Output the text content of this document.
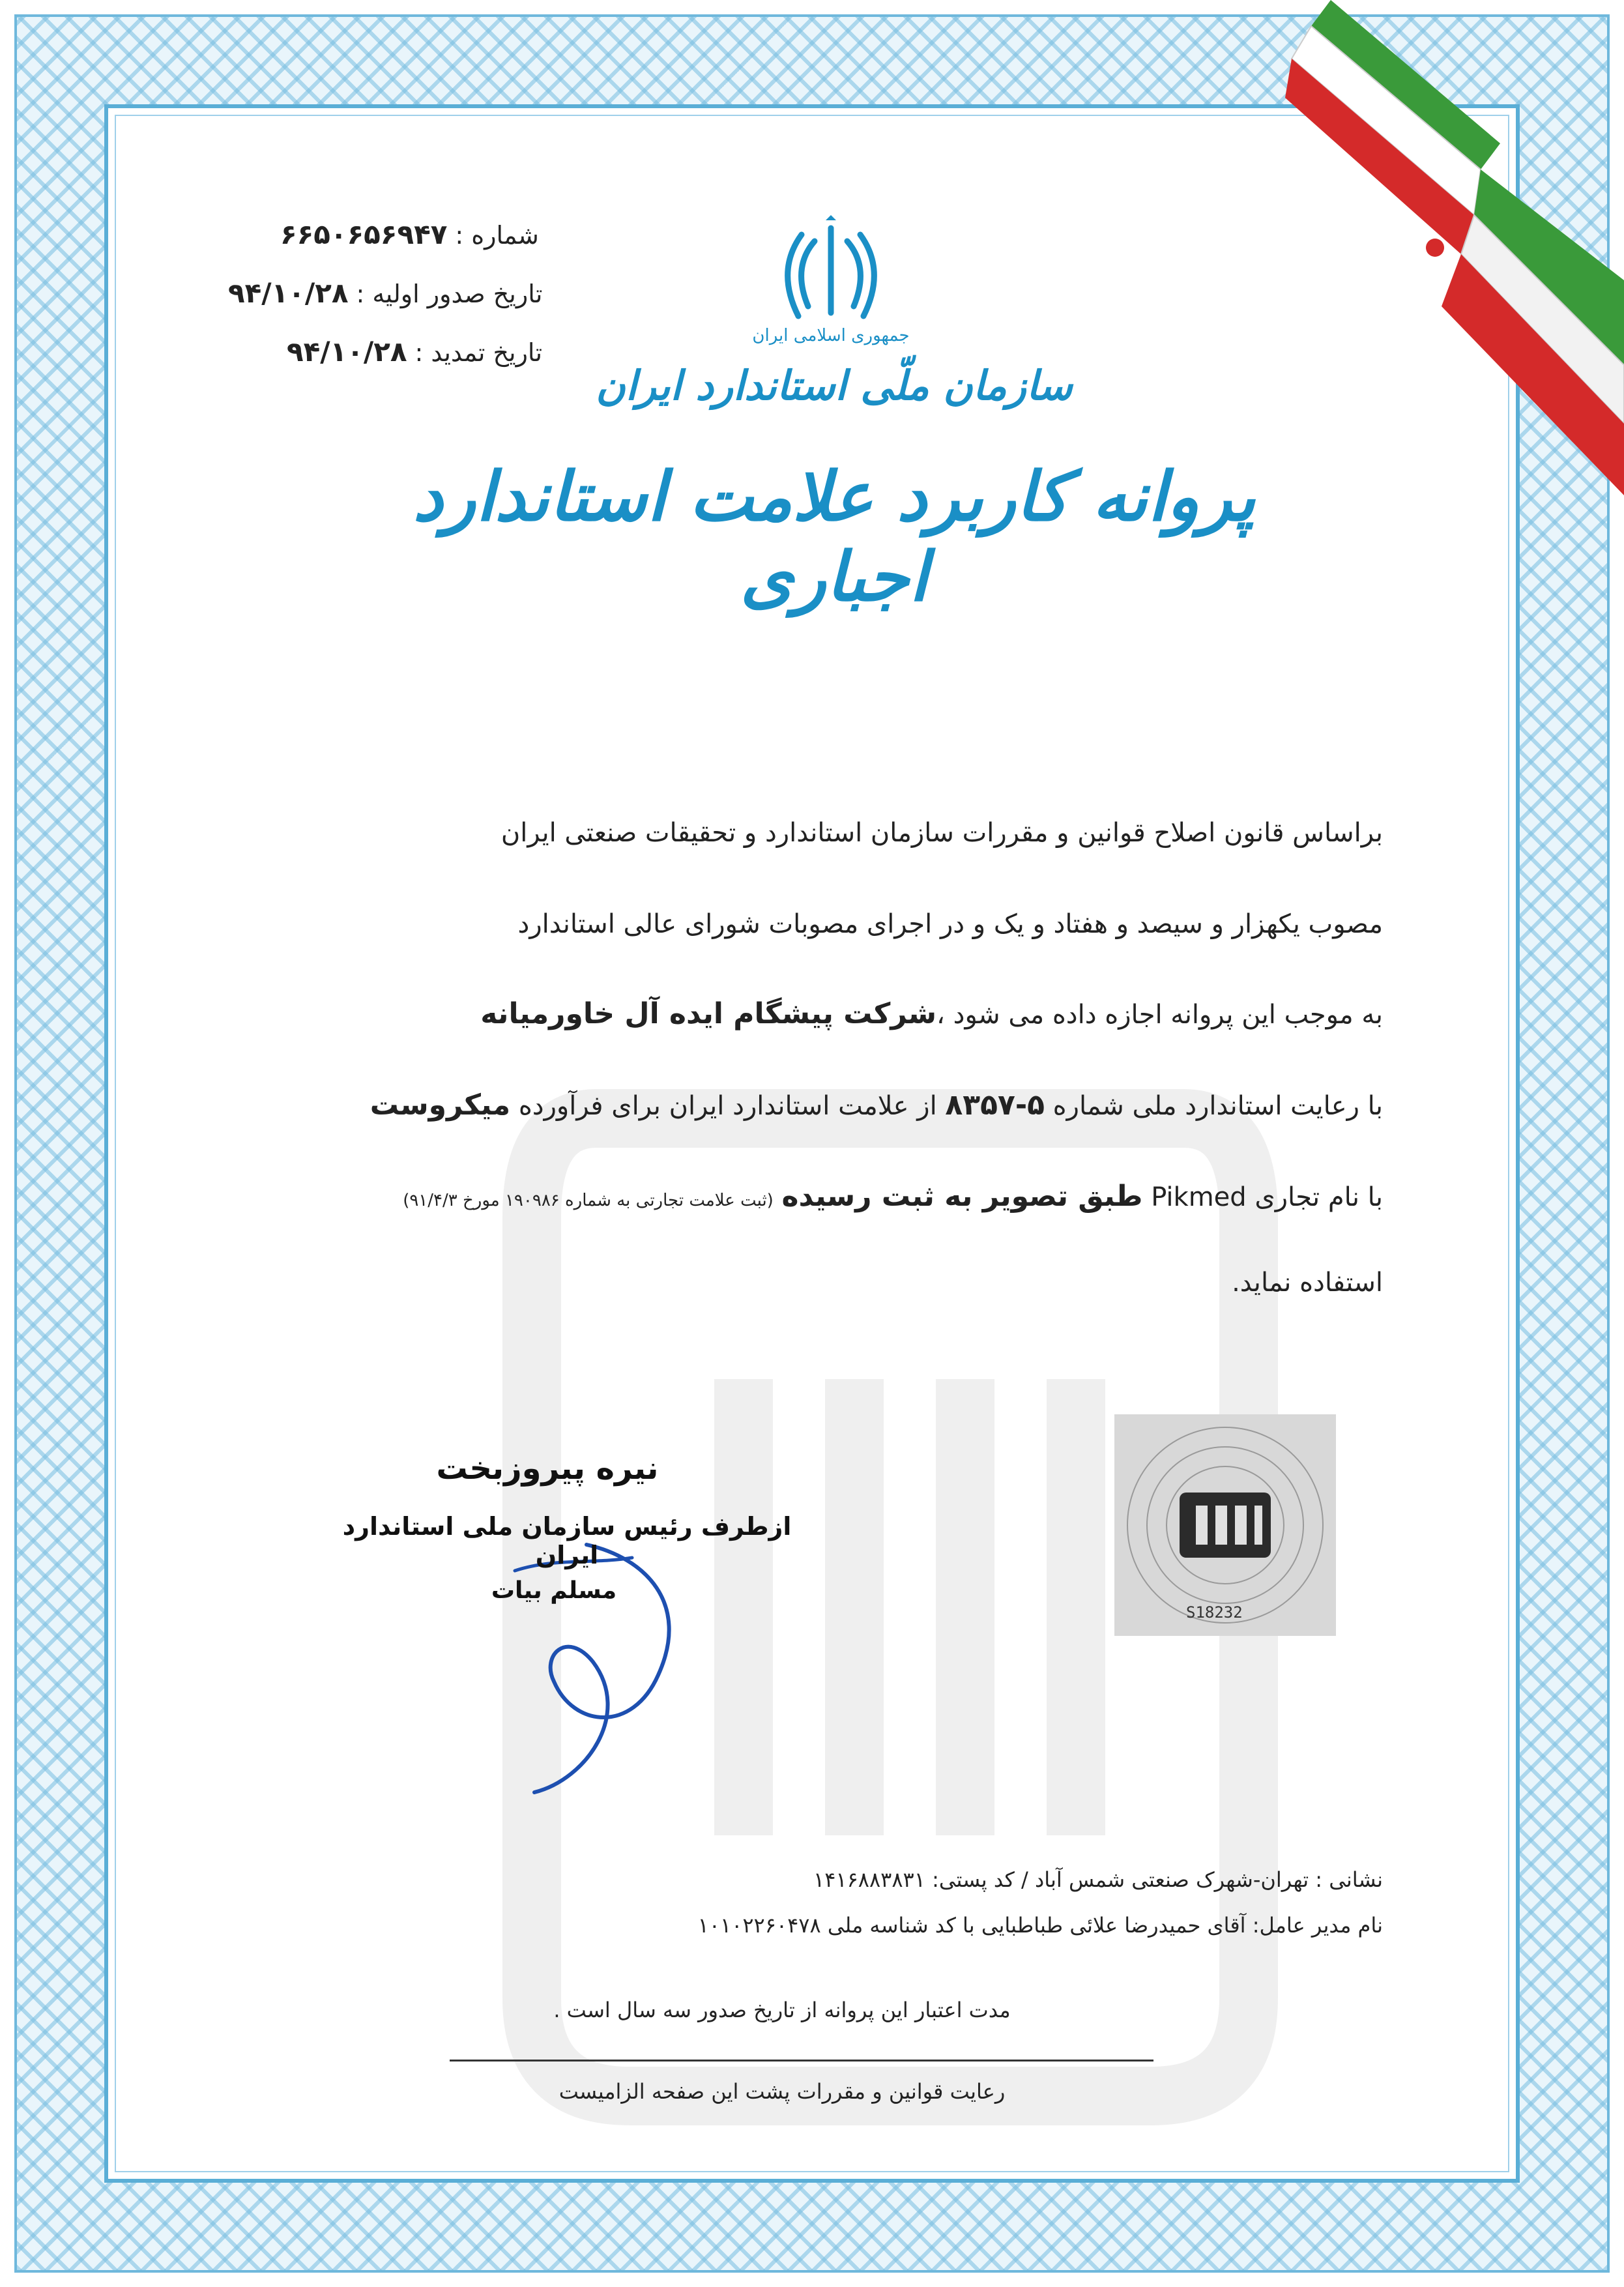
شماره :۶۶۵۰۶۵۶۹۴۷
تاریخ صدور اولیه :۹۴/۱۰/۲۸
تاریخ تمدید :۹۴/۱۰/۲۸	جمهوری اسلامی ایران
سازمان ملّی استاندارد ایران
پروانه کاربرد علامت استاندارد اجباری
براساس قانون اصلاح قوانین و مقررات سازمان استاندارد و تحقیقات صنعتی ایران
مصوب یکهزار و سیصد و هفتاد و یک و در اجرای مصوبات شورای عالی استاندارد
به موجب این پروانه اجازه داده می شود ،شرکت پیشگام ایده آل خاورمیانه
با رعایت استاندارد ملی شماره ۵-۸۳۵۷ از علامت استاندارد ایران برای فرآورده میکروست
با نام تجاری Pikmed طبق تصویر به ثبت رسیده (ثبت علامت تجارتی به شماره ۱۹۰۹۸۶ مورخ ۹۱/۴/۳)
استفاده نماید.
S18232
نیره پیروزبخت
ازطرف رئیس سازمان ملی استاندارد ایران
مسلم بیات
نشانی : تهران-شهرک صنعتی شمس آباد / کد پستی: ۱۴۱۶۸۸۳۸۳۱
نام مدیر عامل: آقای حمیدرضا علائی طباطبایی با کد شناسه ملی ۱۰۱۰۲۲۶۰۴۷۸
مدت اعتبار این پروانه از تاریخ صدور سه سال است .
رعایت قوانین و مقررات پشت این صفحه الزامیست
